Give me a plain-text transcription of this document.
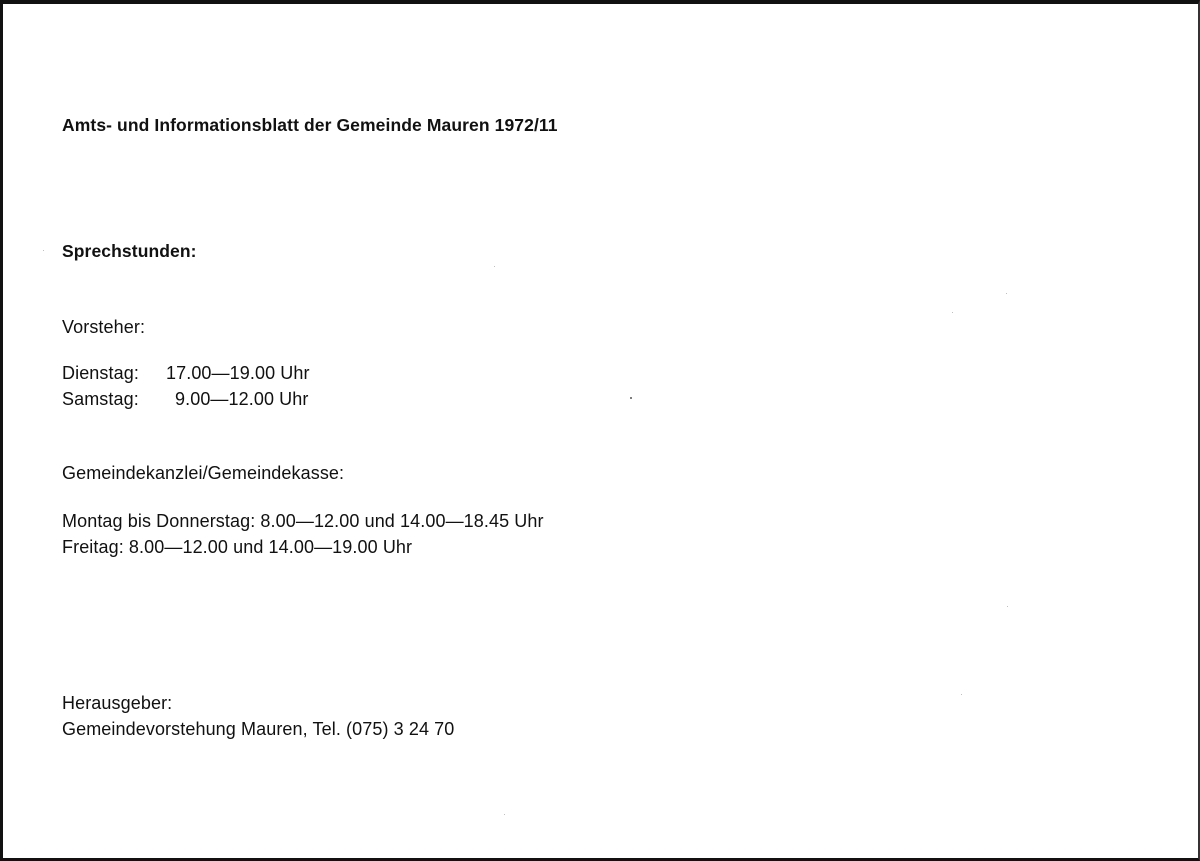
Amts- und Informationsblatt der Gemeinde Mauren 1972/11
Sprechstunden:
Vorsteher:
Dienstag: 17.00—19.00 Uhr
Samstag: 9.00—12.00 Uhr
Gemeindekanzlei/Gemeindekasse:
Montag bis Donnerstag: 8.00—12.00 und 14.00—18.45 Uhr
Freitag: 8.00—12.00 und 14.00—19.00 Uhr
Herausgeber:
Gemeindevorstehung Mauren, Tel. (075) 3 24 70
